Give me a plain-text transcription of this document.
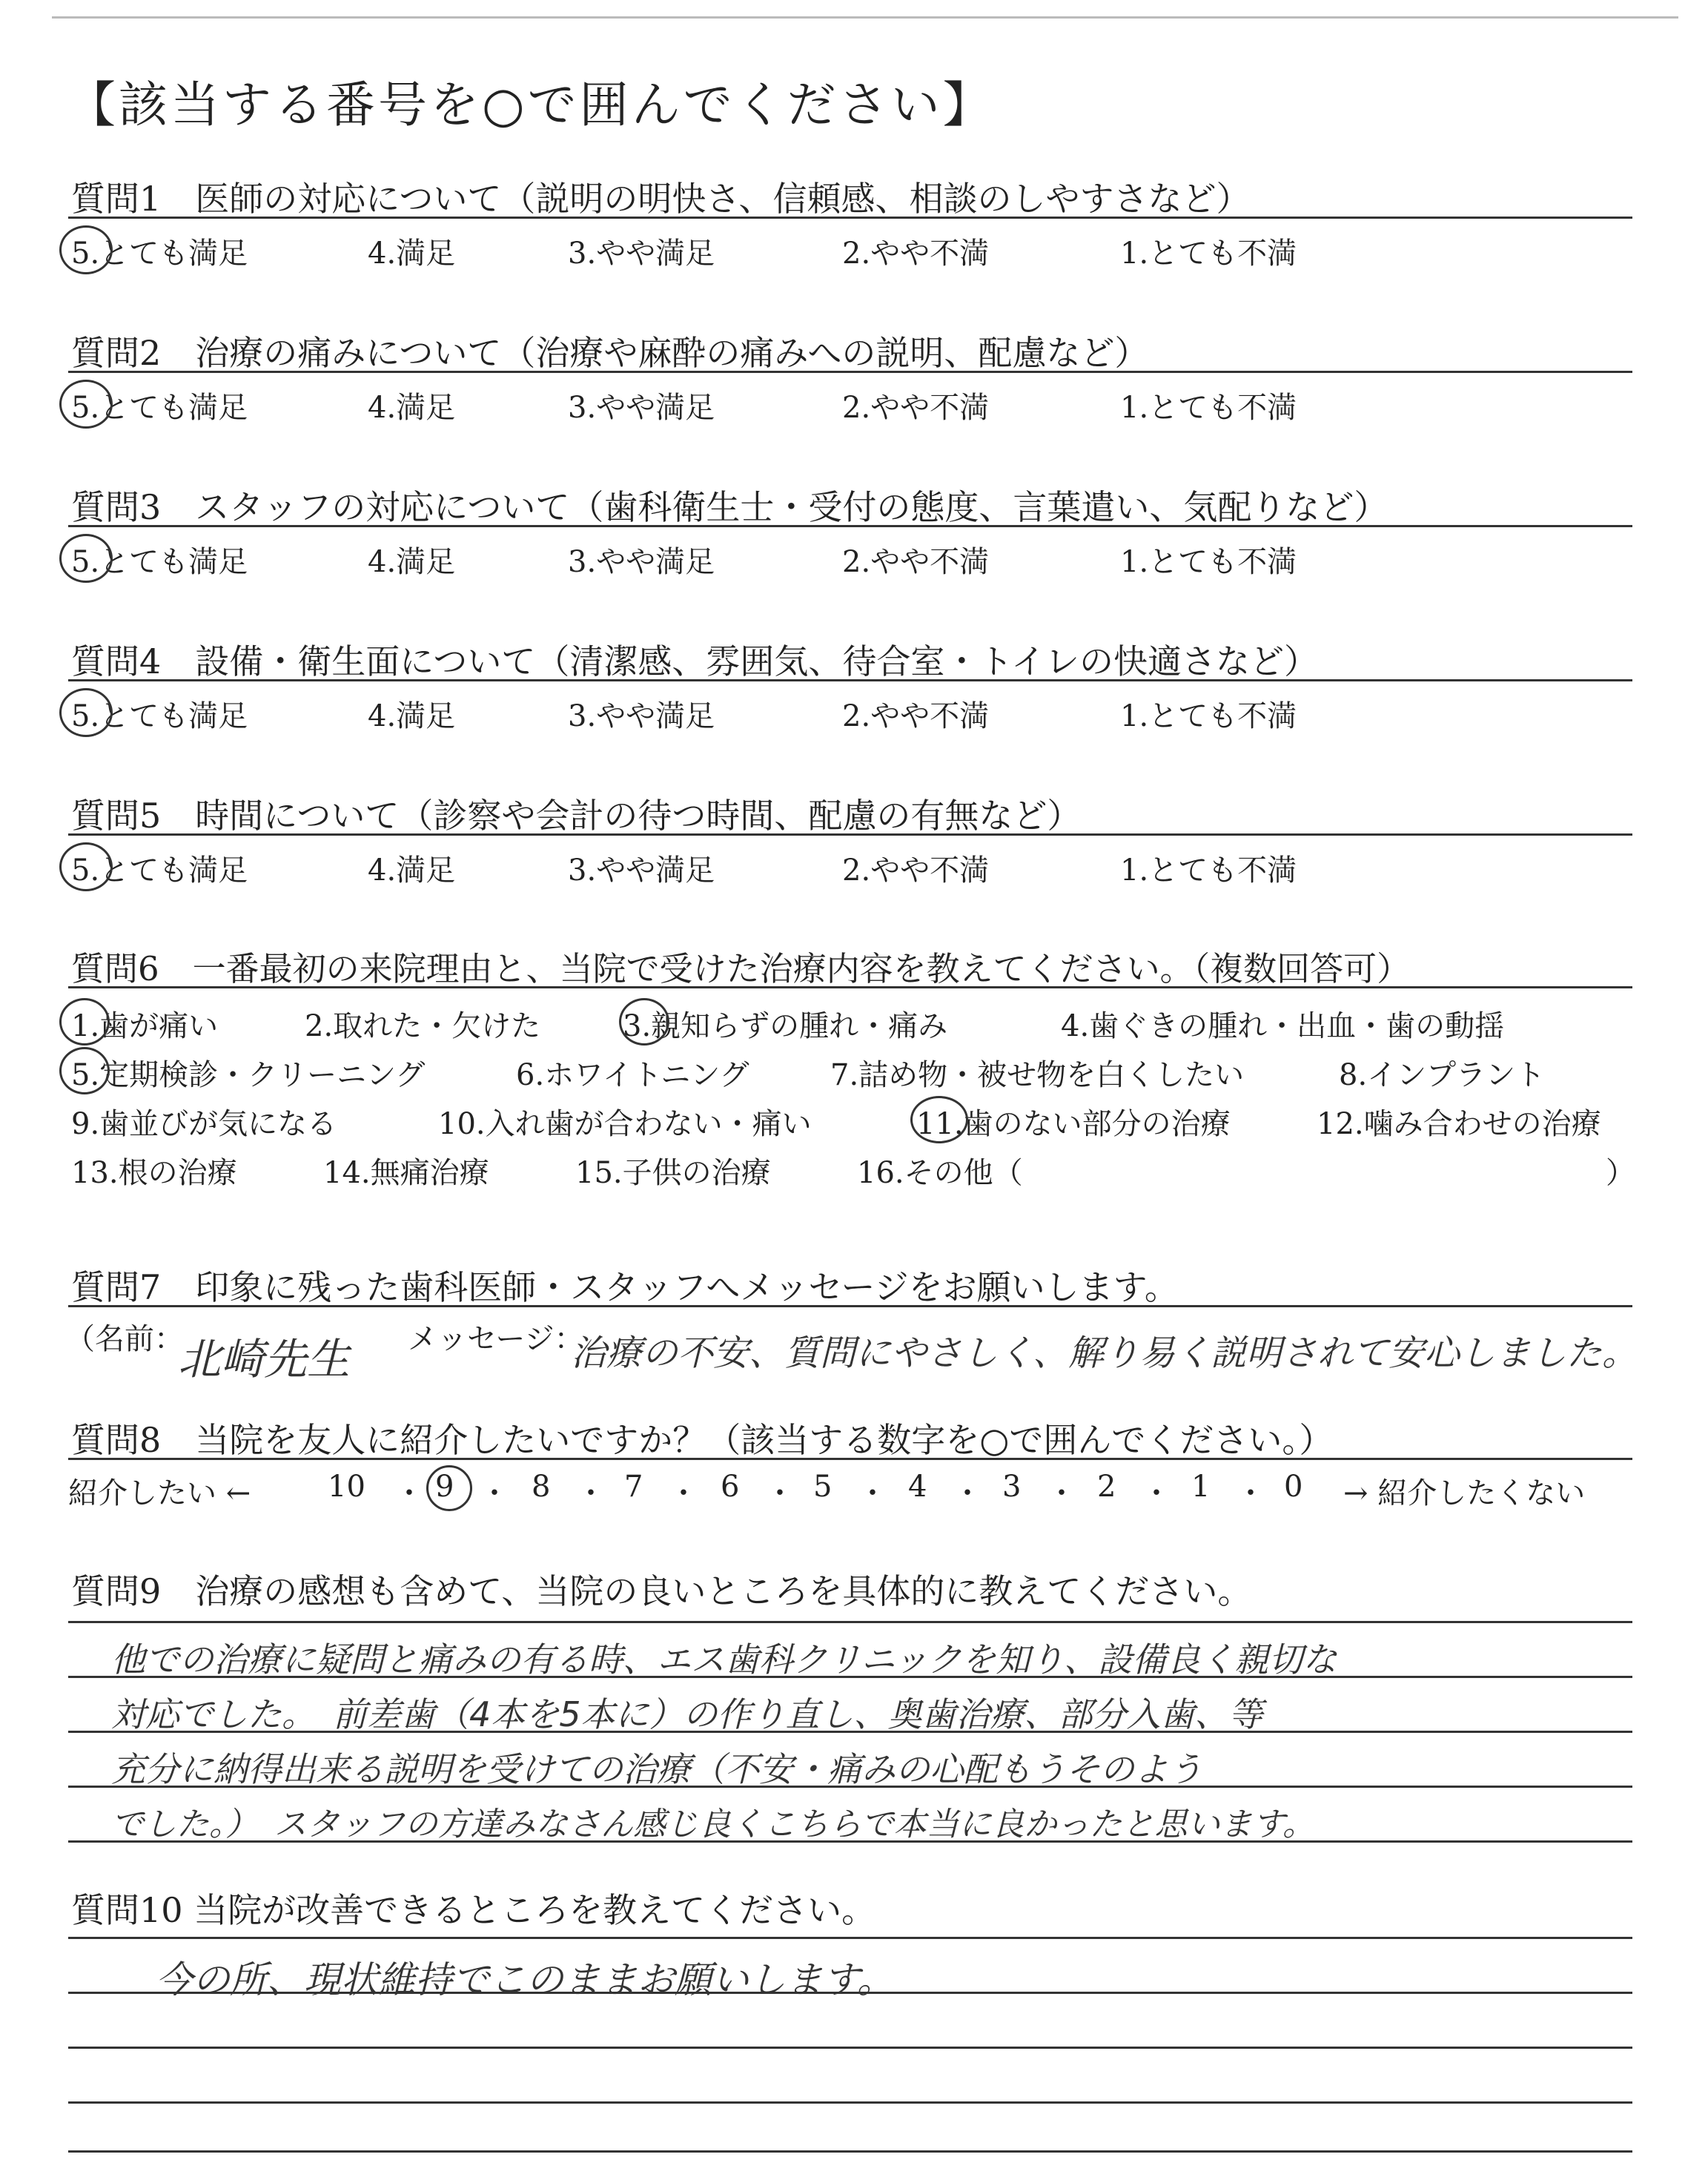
【該当する番号を○で囲んでください】
質問1　医師の対応について（説明の明快さ、信頼感、相談のしやすさなど）
5.とても満足	4.満足	3.やや満足	2.やや不満	1.とても不満
質問2　治療の痛みについて（治療や麻酔の痛みへの説明、配慮など）
5.とても満足	4.満足	3.やや満足	2.やや不満	1.とても不満
質問3　スタッフの対応について（歯科衛生士・受付の態度、言葉遣い、気配りなど）
5.とても満足	4.満足	3.やや満足	2.やや不満	1.とても不満
質問4　設備・衛生面について（清潔感、雰囲気、待合室・トイレの快適さなど）
5.とても満足	4.満足	3.やや満足	2.やや不満	1.とても不満
質問5　時間について（診察や会計の待つ時間、配慮の有無など）
5.とても満足	4.満足	3.やや満足	2.やや不満	1.とても不満
質問6　一番最初の来院理由と、当院で受けた治療内容を教えてください。（複数回答可）
1.歯が痛い	2.取れた・欠けた	3.親知らずの腫れ・痛み	4.歯ぐきの腫れ・出血・歯の動揺
5.定期検診・クリーニング	6.ホワイトニング	7.詰め物・被せ物を白くしたい	8.インプラント
9.歯並びが気になる	10.入れ歯が合わない・痛い	11.歯のない部分の治療	12.噛み合わせの治療
13.根の治療	14.無痛治療	15.子供の治療	16.その他（	）
質問7　印象に残った歯科医師・スタッフへメッセージをお願いします。
（名前：
北崎先生 メッセージ：
治療の不安、質問にやさしく、解り易く説明されて安心しました。
質問8　当院を友人に紹介したいですか？（該当する数字を○で囲んでください。）
紹介したい ←	10 ・ 9 ・ 8 ・ 7 ・ 6 ・ 5 ・ 4 ・ 3 ・ 2 ・ 1 ・ 0 → 紹介したくない
質問9　治療の感想も含めて、当院の良いところを具体的に教えてください。
他での治療に疑問と痛みの有る時、エス歯科クリニックを知り、設備良く親切な
対応でした。　前差歯（4本を5本に）の作り直し、奥歯治療、部分入歯、等
充分に納得出来る説明を受けての治療（不安・痛みの心配もうそのよう
でした。）　スタッフの方達みなさん感じ良くこちらで本当に良かったと思います。
質問10 当院が改善できるところを教えてください。
今の所、現状維持でこのままお願いします。
